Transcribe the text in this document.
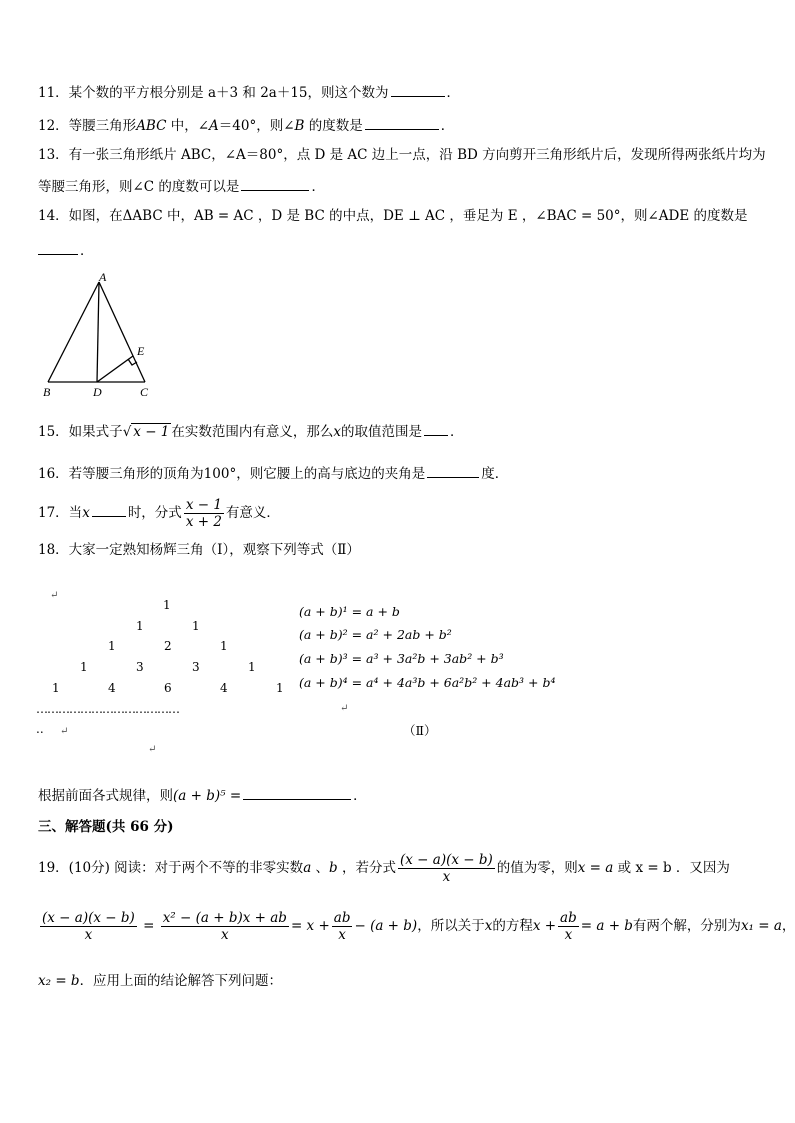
11．某个数的平方根分别是 a＋3 和 2a＋15，则这个数为	．
12．等腰三角形ABC 中，∠A＝40°，则∠B 的度数是	．
13．有一张三角形纸片 ABC，∠A＝80°，点 D 是 AC 边上一点，沿 BD 方向剪开三角形纸片后，发现所得两张纸片均为
等腰三角形，则∠C 的度数可以是	．
14．如图，在ΔABC 中，AB = AC ，D 是 BC 的中点，DE ⊥ AC ，垂足为 E ，∠BAC = 50°，则∠ADE 的度数是
．
A
E
B	D	C
15．如果式子√ x − 1 在实数范围内有意义，那么x的取值范围是 ．
16．若等腰三角形的顶角为100°，则它腰上的高与底边的夹角是	度．
17．当x	时，分式 $\frac{x - 1}{x + 2}$ 有意义．
18．大家一定熟知杨辉三角（Ⅰ），观察下列等式（Ⅱ）
↵
1
1	1
1	2	1
1	3	3	1
1	4	6	4	1
…………………………………
.. ↵
↵
(a + b)¹ = a + b
(a + b)² = a² + 2ab + b²
(a + b)³ = a³ + 3a²b + 3ab² + b³
(a + b)⁴ = a⁴ + 4a³b + 6a²b² + 4ab³ + b⁴
↵
（Ⅱ）
根据前面各式规律，则(a + b)⁵ =	．
三、解答题(共 66 分)
19．(10分) 阅读：对于两个不等的非零实数a 、b ，若分式 $\frac{(x - a)(x - b)}{x}$ 的值为零，则x = a 或 x = b ．又因为
$\frac{(x - a)(x - b)}{x} = \frac{\text{x² − (a + b)x + ab}}{x} = x + \frac{ab}{x} - (a + b)$，所以关于x的方程$x + \frac{ab}{x} = a + b$有两个解，分别为x₁ = a，
x₂ = b．应用上面的结论解答下列问题：
